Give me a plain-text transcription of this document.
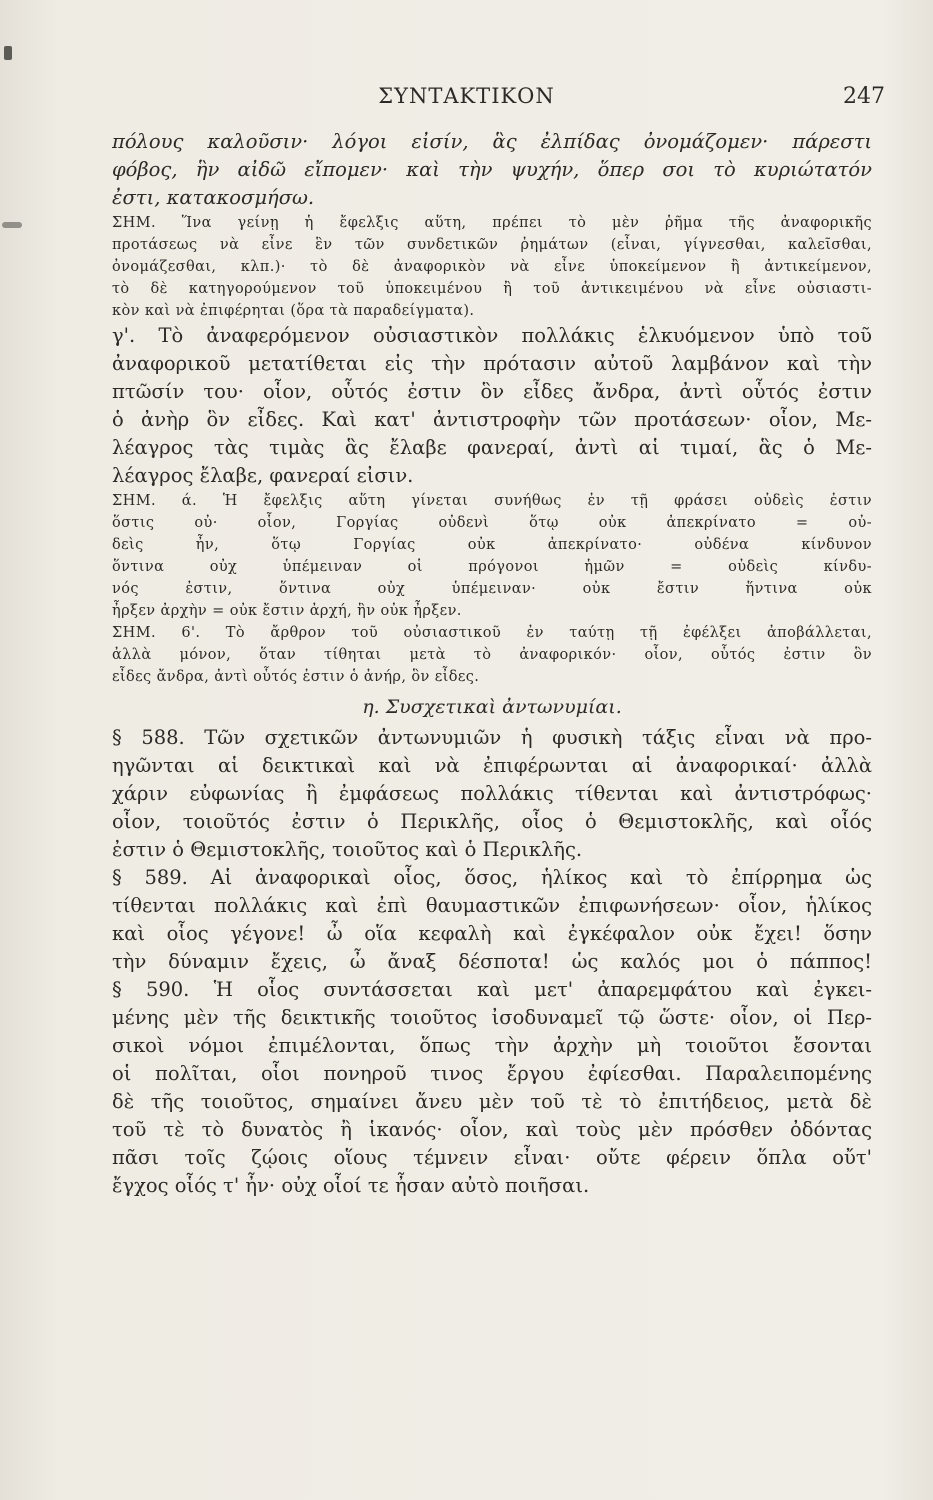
ΣΥΝΤΑΚΤΙΚΟΝ	247
πόλους καλοῦσιν· λόγοι εἰσίν, ἃς ἐλπίδας ὀνομάζομεν· πάρεστι
φόβος, ἣν αἰδῶ εἴπομεν· καὶ τὴν ψυχήν, ὅπερ σοι τὸ κυριώτατόν
ἐστι, κατακοσμήσω.
ΣΗΜ. Ἵνα γείνῃ ἡ ἔφελξις αὕτη, πρέπει τὸ μὲν ῥῆμα τῆς ἀναφορικῆς
προτάσεως νὰ εἶνε ἓν τῶν συνδετικῶν ῥημάτων (εἶναι, γίγνεσθαι, καλεῖσθαι,
ὀνομάζεσθαι, κλπ.)· τὸ δὲ ἀναφορικὸν νὰ εἶνε ὑποκείμενον ἢ ἀντικείμενον,
τὸ δὲ κατηγορούμενον τοῦ ὑποκειμένου ἢ τοῦ ἀντικειμένου νὰ εἶνε οὐσιαστι-
κὸν καὶ νὰ ἐπιφέρηται (ὅρα τὰ παραδείγματα).
γ'. Τὸ ἀναφερόμενον οὐσιαστικὸν πολλάκις ἑλκυόμενον ὑπὸ τοῦ
ἀναφορικοῦ μετατίθεται εἰς τὴν πρότασιν αὐτοῦ λαμβάνον καὶ τὴν
πτῶσίν του· οἷον, οὗτός ἐστιν ὃν εἶδες ἄνδρα, ἀντὶ οὗτός ἐστιν
ὁ ἀνὴρ ὃν εἶδες. Καὶ κατ' ἀντιστροφὴν τῶν προτάσεων· οἷον, Με-
λέαγρος τὰς τιμὰς ἃς ἔλαβε φανεραί, ἀντὶ αἱ τιμαί, ἃς ὁ Με-
λέαγρος ἔλαβε, φανεραί εἰσιν.
ΣΗΜ. ά. Ἡ ἔφελξις αὕτη γίνεται συνήθως ἐν τῇ φράσει οὐδεὶς ἐστιν
ὅστις οὐ· οἷον, Γοργίας οὐδενὶ ὅτῳ οὐκ ἀπεκρίνατο = οὐ-
δεὶς ἦν, ὅτῳ Γοργίας οὐκ ἀπεκρίνατο· οὐδένα κίνδυνον
ὅντινα οὐχ ὑπέμειναν οἱ πρόγονοι ἡμῶν = οὐδεὶς κίνδυ-
νός ἐστιν, ὅντινα οὐχ ὑπέμειναν· οὐκ ἔστιν ἥντινα οὐκ
ἦρξεν ἀρχὴν = οὐκ ἔστιν ἀρχή, ἣν οὐκ ἦρξεν.
ΣΗΜ. 6'. Τὸ ἄρθρον τοῦ οὐσιαστικοῦ ἐν ταύτῃ τῇ ἐφέλξει ἀποβάλλεται,
ἀλλὰ μόνον, ὅταν τίθηται μετὰ τὸ ἀναφορικόν· οἷον, οὗτός ἐστιν ὃν
εἶδες ἄνδρα, ἀντὶ οὗτός ἐστιν ὁ ἀνήρ, ὃν εἶδες.
η. Συσχετικαὶ ἀντωνυμίαι.
§ 588. Τῶν σχετικῶν ἀντωνυμιῶν ἡ φυσικὴ τάξις εἶναι νὰ προ-
ηγῶνται αἱ δεικτικαὶ καὶ νὰ ἐπιφέρωνται αἱ ἀναφορικαί· ἀλλὰ
χάριν εὐφωνίας ἢ ἐμφάσεως πολλάκις τίθενται καὶ ἀντιστρόφως·
οἷον, τοιοῦτός ἐστιν ὁ Περικλῆς, οἷος ὁ Θεμιστοκλῆς, καὶ οἷός
ἐστιν ὁ Θεμιστοκλῆς, τοιοῦτος καὶ ὁ Περικλῆς.
§ 589. Αἱ ἀναφορικαὶ οἷος, ὅσος, ἡλίκος καὶ τὸ ἐπίρρημα ὡς
τίθενται πολλάκις καὶ ἐπὶ θαυμαστικῶν ἐπιφωνήσεων· οἷον, ἡλίκος
καὶ οἷος γέγονε! ὦ οἵα κεφαλὴ καὶ ἐγκέφαλον οὐκ ἔχει! ὅσην
τὴν δύναμιν ἔχεις, ὦ ἄναξ δέσποτα! ὡς καλός μοι ὁ πάππος!
§ 590. Ἡ οἷος συντάσσεται καὶ μετ' ἀπαρεμφάτου καὶ ἐγκει-
μένης μὲν τῆς δεικτικῆς τοιοῦτος ἰσοδυναμεῖ τῷ ὥστε· οἷον, οἱ Περ-
σικοὶ νόμοι ἐπιμέλονται, ὅπως τὴν ἀρχὴν μὴ τοιοῦτοι ἔσονται
οἱ πολῖται, οἷοι πονηροῦ τινος ἔργου ἐφίεσθαι. Παραλειπομένης
δὲ τῆς τοιοῦτος, σημαίνει ἄνευ μὲν τοῦ τὲ τὸ ἐπιτήδειος, μετὰ δὲ
τοῦ τὲ τὸ δυνατὸς ἢ ἱκανός· οἷον, καὶ τοὺς μὲν πρόσθεν ὀδόντας
πᾶσι τοῖς ζῴοις οἵους τέμνειν εἶναι· οὔτε φέρειν ὅπλα οὔτ'
ἔγχος οἷός τ' ἦν· οὐχ οἷοί τε ἦσαν αὐτὸ ποιῆσαι.
